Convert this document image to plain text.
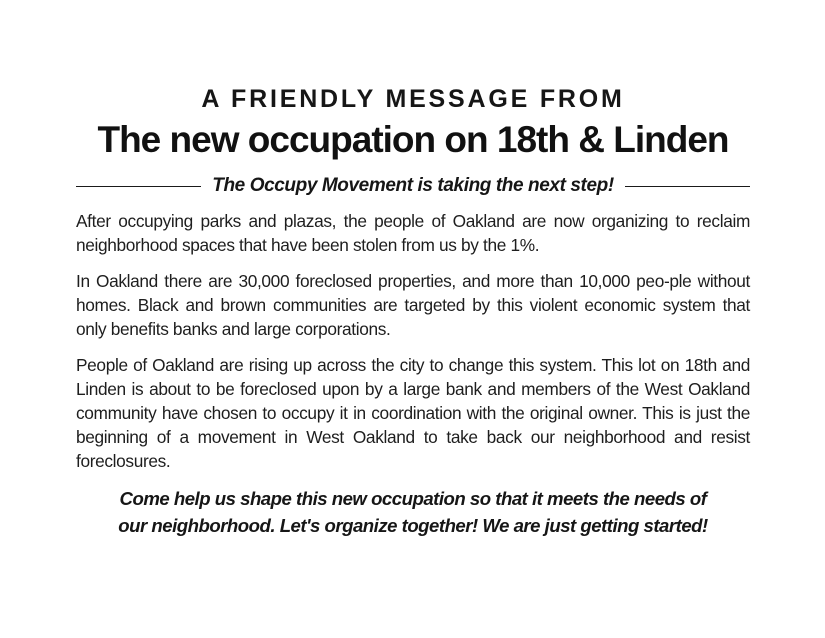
A FRIENDLY MESSAGE FROM
The new occupation on 18th & Linden
The Occupy Movement is taking the next step!

After occupying parks and plazas, the people of Oakland are now organizing to reclaim neighborhood spaces that have been stolen from us by the 1%.

In Oakland there are 30,000 foreclosed properties, and more than 10,000 peo-ple without homes. Black and brown communities are targeted by this violent economic system that only benefits banks and large corporations.

People of Oakland are rising up across the city to change this system. This lot on 18th and Linden is about to be foreclosed upon by a large bank and members of the West Oakland community have chosen to occupy it in coordination with the original owner. This is just the beginning of a movement in West Oakland to take back our neighborhood and resist foreclosures.

Come help us shape this new occupation so that it meets the needs of
our neighborhood. Let's organize together! We are just getting started!
